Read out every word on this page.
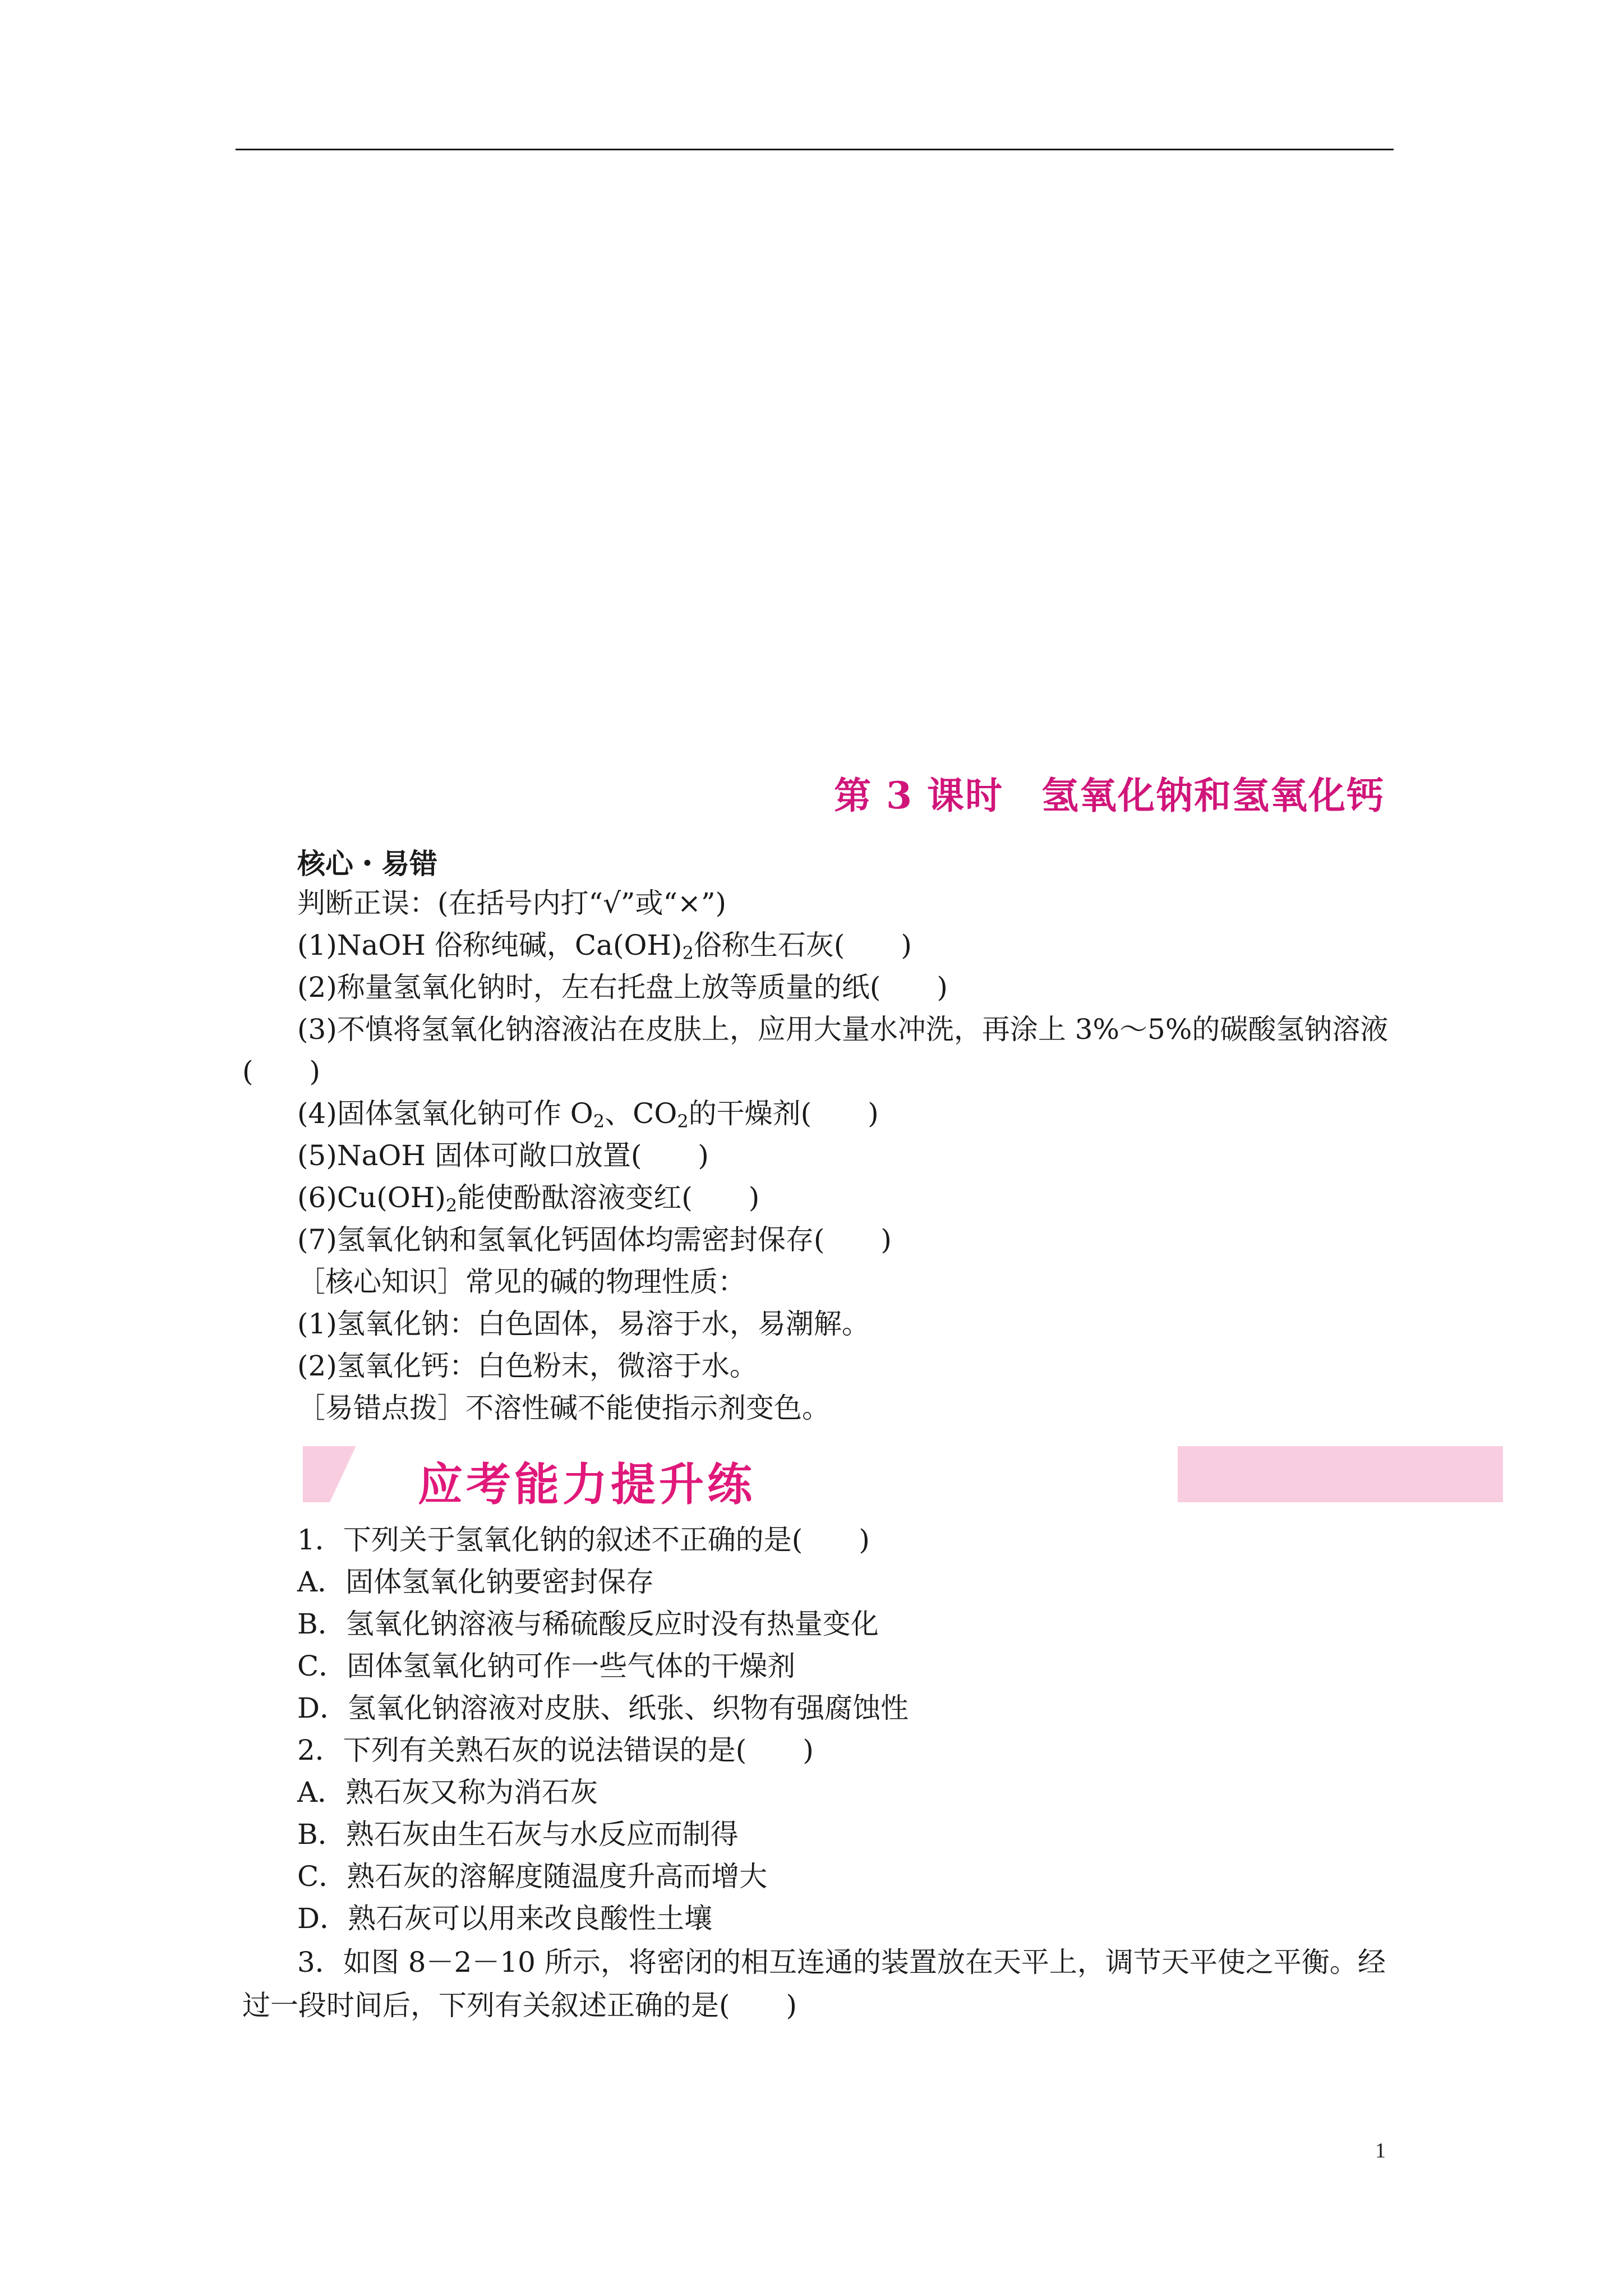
第 3 课时　氢氧化钠和氢氧化钙
核心・易错
判断正误：(在括号内打“√”或“×”)
(1)NaOH 俗称纯碱，$Ca(OH)_2$俗称生石灰(　　)
(2)称量氢氧化钠时，左右托盘上放等质量的纸(　　)
(3)不慎将氢氧化钠溶液沾在皮肤上，应用大量水冲洗，再涂上 3%～5%的碳酸氢钠溶液
(　　)
(4)固体氢氧化钠可作 $O_2$、$CO_2$的干燥剂(　　)
(5)NaOH 固体可敞口放置(　　)
$(6)Cu(OH)_2$能使酚酞溶液变红(　　)
(7)氢氧化钠和氢氧化钙固体均需密封保存(　　)
［核心知识］常见的碱的物理性质：
(1)氢氧化钠：白色固体，易溶于水，易潮解。
(2)氢氧化钙：白色粉末，微溶于水。
［易错点拨］不溶性碱不能使指示剂变色。
应考能力提升练
1．下列关于氢氧化钠的叙述不正确的是(　　)
A．固体氢氧化钠要密封保存
B．氢氧化钠溶液与稀硫酸反应时没有热量变化
C．固体氢氧化钠可作一些气体的干燥剂
D．氢氧化钠溶液对皮肤、纸张、织物有强腐蚀性
2．下列有关熟石灰的说法错误的是(　　)
A．熟石灰又称为消石灰
B．熟石灰由生石灰与水反应而制得
C．熟石灰的溶解度随温度升高而增大
D．熟石灰可以用来改良酸性土壤
3．如图 8－2－10 所示，将密闭的相互连通的装置放在天平上，调节天平使之平衡。经
过一段时间后，下列有关叙述正确的是(　　)
1
